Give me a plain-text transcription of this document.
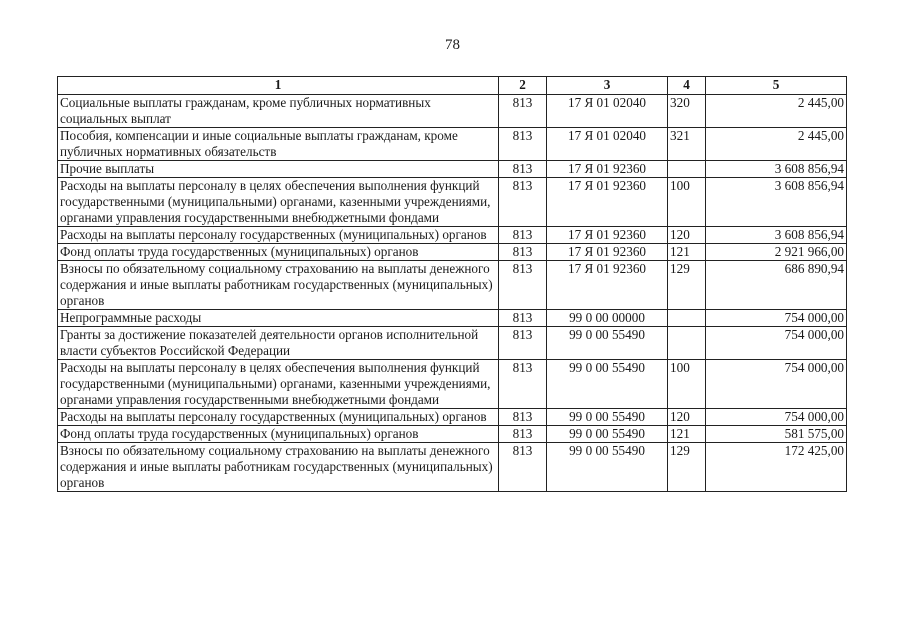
78
1	2	3	4	5
Социальные выплаты гражданам, кроме публичных нормативных социальных выплат	813	17 Я 01 02040	320	2 445,00
Пособия, компенсации и иные социальные выплаты гражданам, кроме публичных нормативных обязательств	813	17 Я 01 02040	321	2 445,00
Прочие выплаты	813	17 Я 01 92360		3 608 856,94
Расходы на выплаты персоналу в целях обеспечения выполнения функций государственными (муниципальными) органами, казенными учреждениями, органами управления государственными внебюджетными фондами	813	17 Я 01 92360	100	3 608 856,94
Расходы на выплаты персоналу государственных (муниципальных) органов	813	17 Я 01 92360	120	3 608 856,94
Фонд оплаты труда государственных (муниципальных) органов	813	17 Я 01 92360	121	2 921 966,00
Взносы по обязательному социальному страхованию на выплаты денежного содержания и иные выплаты работникам государственных (муниципальных) органов	813	17 Я 01 92360	129	686 890,94
Непрограммные расходы	813	99 0 00 00000		754 000,00
Гранты за достижение показателей деятельности органов исполнительной власти субъектов Российской Федерации	813	99 0 00 55490		754 000,00
Расходы на выплаты персоналу в целях обеспечения выполнения функций государственными (муниципальными) органами, казенными учреждениями, органами управления государственными внебюджетными фондами	813	99 0 00 55490	100	754 000,00
Расходы на выплаты персоналу государственных (муниципальных) органов	813	99 0 00 55490	120	754 000,00
Фонд оплаты труда государственных (муниципальных) органов	813	99 0 00 55490	121	581 575,00
Взносы по обязательному социальному страхованию на выплаты денежного содержания и иные выплаты работникам государственных (муниципальных) органов	813	99 0 00 55490	129	172 425,00
